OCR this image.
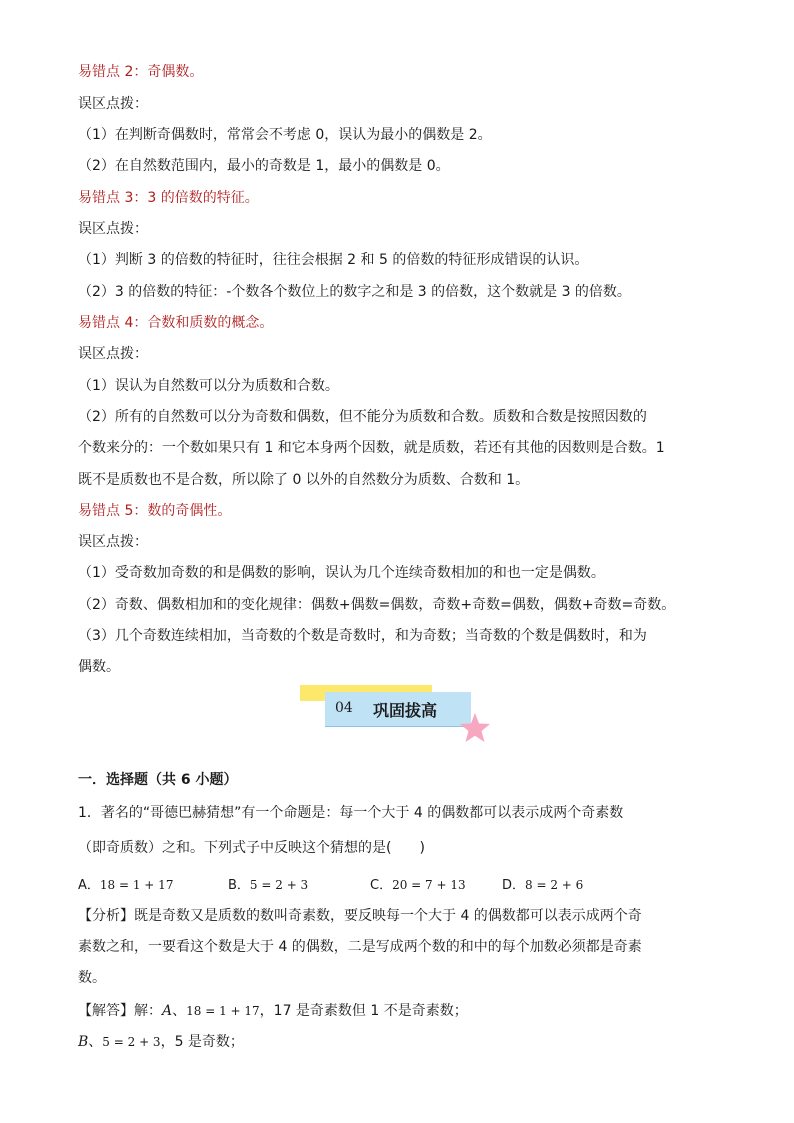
易错点 2：奇偶数。
误区点拨：
（1）在判断奇偶数时，常常会不考虑 0，误认为最小的偶数是 2。
（2）在自然数范围内，最小的奇数是 1，最小的偶数是 0。
易错点 3：3 的倍数的特征。
误区点拨：
（1）判断 3 的倍数的特征时，往往会根据 2 和 5 的倍数的特征形成错误的认识。
（2）3 的倍数的特征：-个数各个数位上的数字之和是 3 的倍数，这个数就是 3 的倍数。
易错点 4：合数和质数的概念。
误区点拨：
（1）误认为自然数可以分为质数和合数。
（2）所有的自然数可以分为奇数和偶数，但不能分为质数和合数。质数和合数是按照因数的
个数来分的：一个数如果只有 1 和它本身两个因数，就是质数，若还有其他的因数则是合数。1
既不是质数也不是合数，所以除了 0 以外的自然数分为质数、合数和 1。
易错点 5：数的奇偶性。
误区点拨：
（1）受奇数加奇数的和是偶数的影响，误认为几个连续奇数相加的和也一定是偶数。
（2）奇数、偶数相加和的变化规律：偶数+偶数=偶数，奇数+奇数=偶数，偶数+奇数=奇数。
（3）几个奇数连续相加，当奇数的个数是奇数时，和为奇数；当奇数的个数是偶数时，和为
偶数。
04 巩固拔高
一．选择题（共 6 小题）
1．著名的“哥德巴赫猜想”有一个命题是：每一个大于 4 的偶数都可以表示成两个奇素数
（即奇质数）之和。下列式子中反映这个猜想的是(　　)
A．18 = 1 + 17	B．5 = 2 + 3	C．20 = 7 + 13	D．8 = 2 + 6
【分析】既是奇数又是质数的数叫奇素数，要反映每一个大于 4 的偶数都可以表示成两个奇
素数之和，一要看这个数是大于 4 的偶数，二是写成两个数的和中的每个加数必须都是奇素
数。
【解答】解：A、18 = 1 + 17，17 是奇素数但 1 不是奇素数；
B、5 = 2 + 3，5 是奇数；
